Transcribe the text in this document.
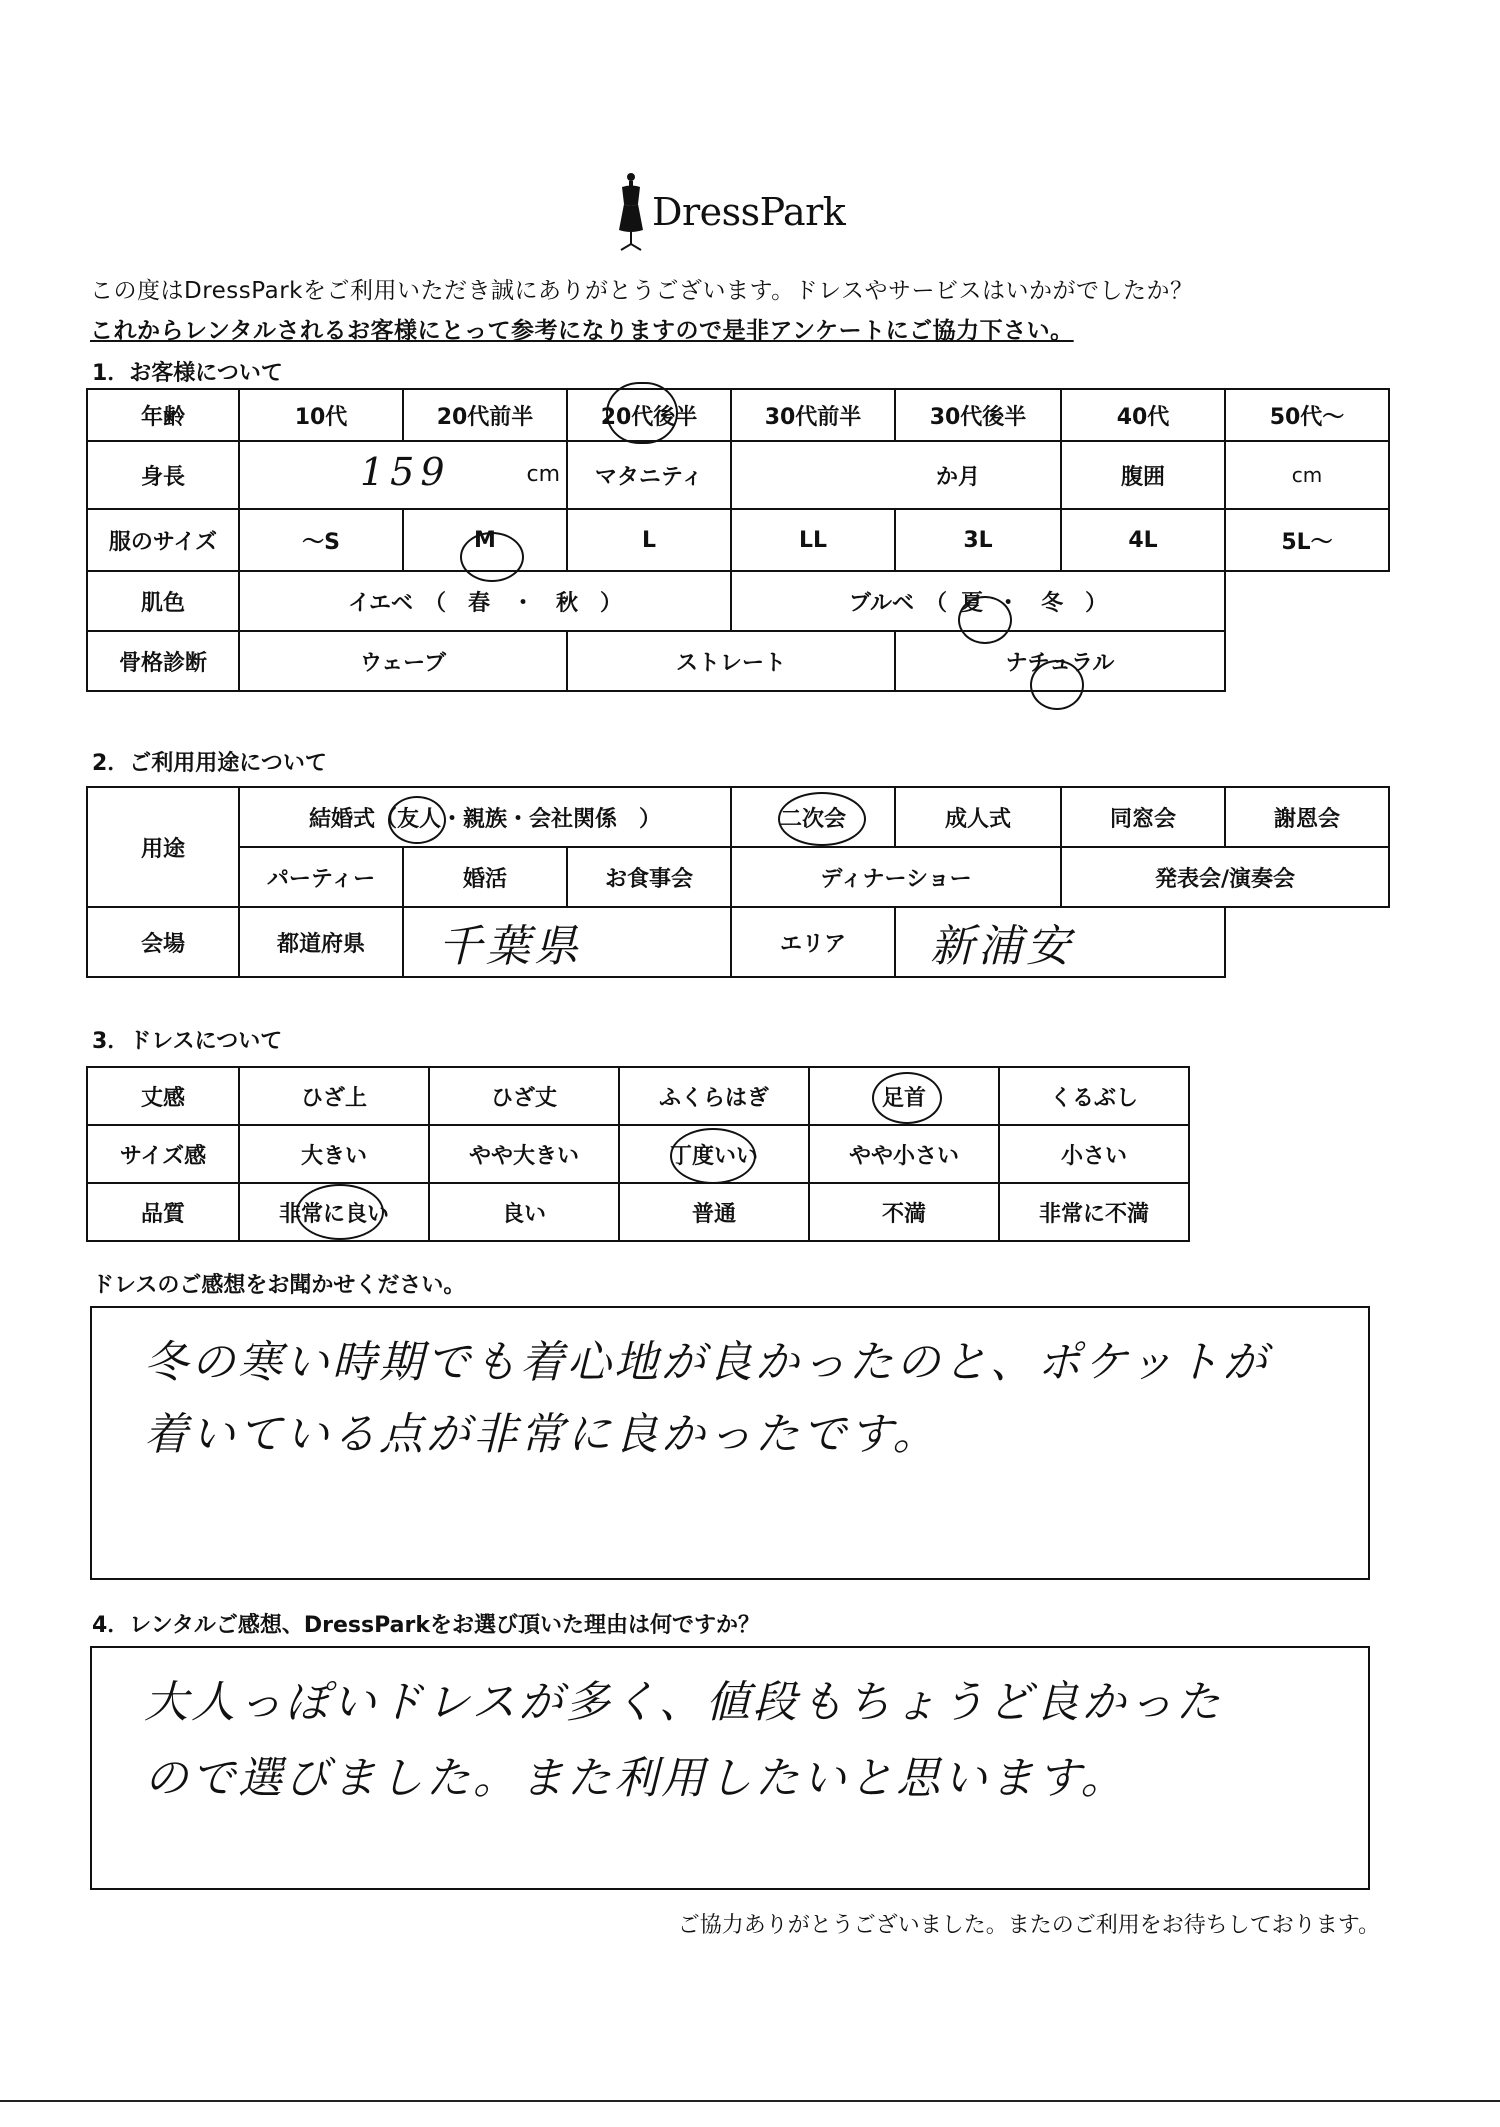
DressPark
この度はDressParkをご利用いただき誠にありがとうございます。ドレスやサービスはいかがでしたか？
これからレンタルされるお客様にとって参考になりますので是非アンケートにご協力下さい。
1．お客様について
年齢	10代	20代前半	20代後半	30代前半	30代後半	40代	50代～
身長	159 cm		マタニティ	か月		腹囲	cm
服のサイズ	～S	M	L	LL	3L	4L	5L～
肌色	イエベ　（　春　・　秋　）			ブルベ　（ 夏 ・　冬　）			
骨格診断	ウェーブ		ストレート		ナチュラル		
2．ご利用用途について
用途	結婚式（友人・親族・会社関係　）			二次会	成人式	同窓会	謝恩会
	パーティー	婚活	お食事会	ディナーショー		発表会/演奏会	
会場	都道府県	千葉県		エリア	新浦安		
3．ドレスについて
丈感	ひざ上	ひざ丈	ふくらはぎ	足首	くるぶし
サイズ感	大きい	やや大きい	丁度いい	やや小さい	小さい
品質	非常に良い	良い	普通	不満	非常に不満
ドレスのご感想をお聞かせください。
冬の寒い時期でも着心地が良かったのと、ポケットが
着いている点が非常に良かったです。
4．レンタルご感想、DressParkをお選び頂いた理由は何ですか？
大人っぽいドレスが多く、値段もちょうど良かった
ので選びました。また利用したいと思います。
ご協力ありがとうございました。またのご利用をお待ちしております。
